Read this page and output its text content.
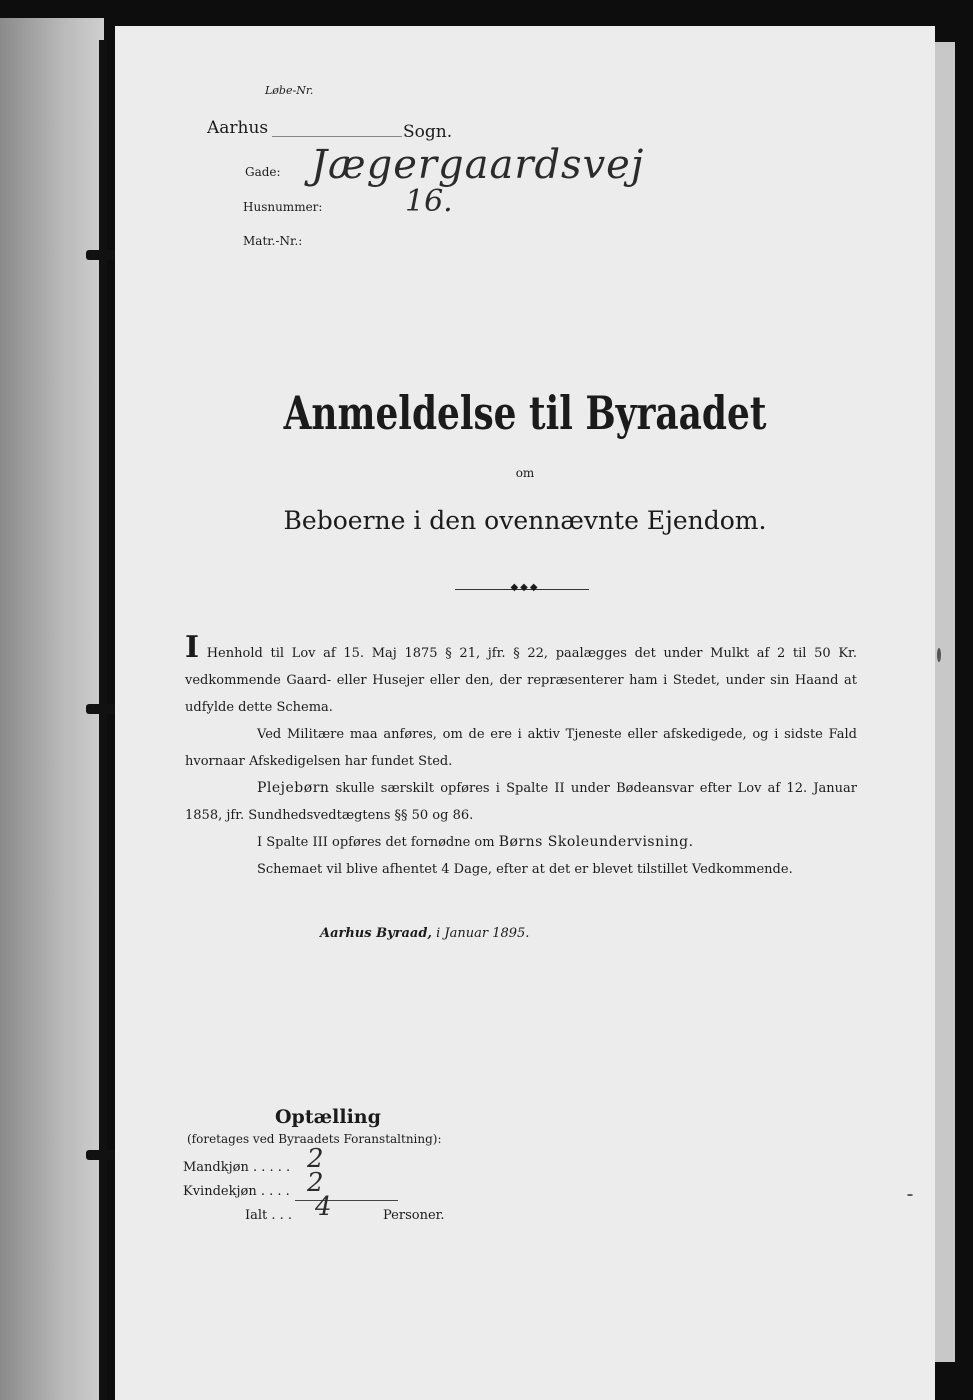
Løbe-Nr.
Aarhus	Sogn.
Gade: Jægergaardsvej
Husnummer:	16.
Matr.-Nr.:
Anmeldelse til Byraadet
om
Beboerne i den ovennævnte Ejendom.
◆◆◆

I Henhold til Lov af 15. Maj 1875 § 21, jfr. § 22, paalægges det under Mulkt af 2 til 50 Kr. vedkommende Gaard- eller Husejer eller den, der repræsenterer ham i Stedet, under sin Haand at udfylde dette Schema.

Ved Militære maa anføres, om de ere i aktiv Tjeneste eller afskedigede, og i sidste Fald hvornaar Afskedigelsen har fundet Sted.

Plejebørn skulle særskilt opføres i Spalte II under Bødeansvar efter Lov af 12. Januar 1858, jfr. Sundhedsvedtægtens §§ 50 og 86.

I Spalte III opføres det fornødne om Børns Skoleundervisning.

Schemaet vil blive afhentet 4 Dage, efter at det er blevet tilstillet Vedkommende.

Aarhus Byraad, i Januar 1895.
Optælling
(foretages ved Byraadets Foranstaltning):
Mandkjøn . . . . . 2
Kvindekjøn . . . . 2
Ialt . . . 4	Personer.
